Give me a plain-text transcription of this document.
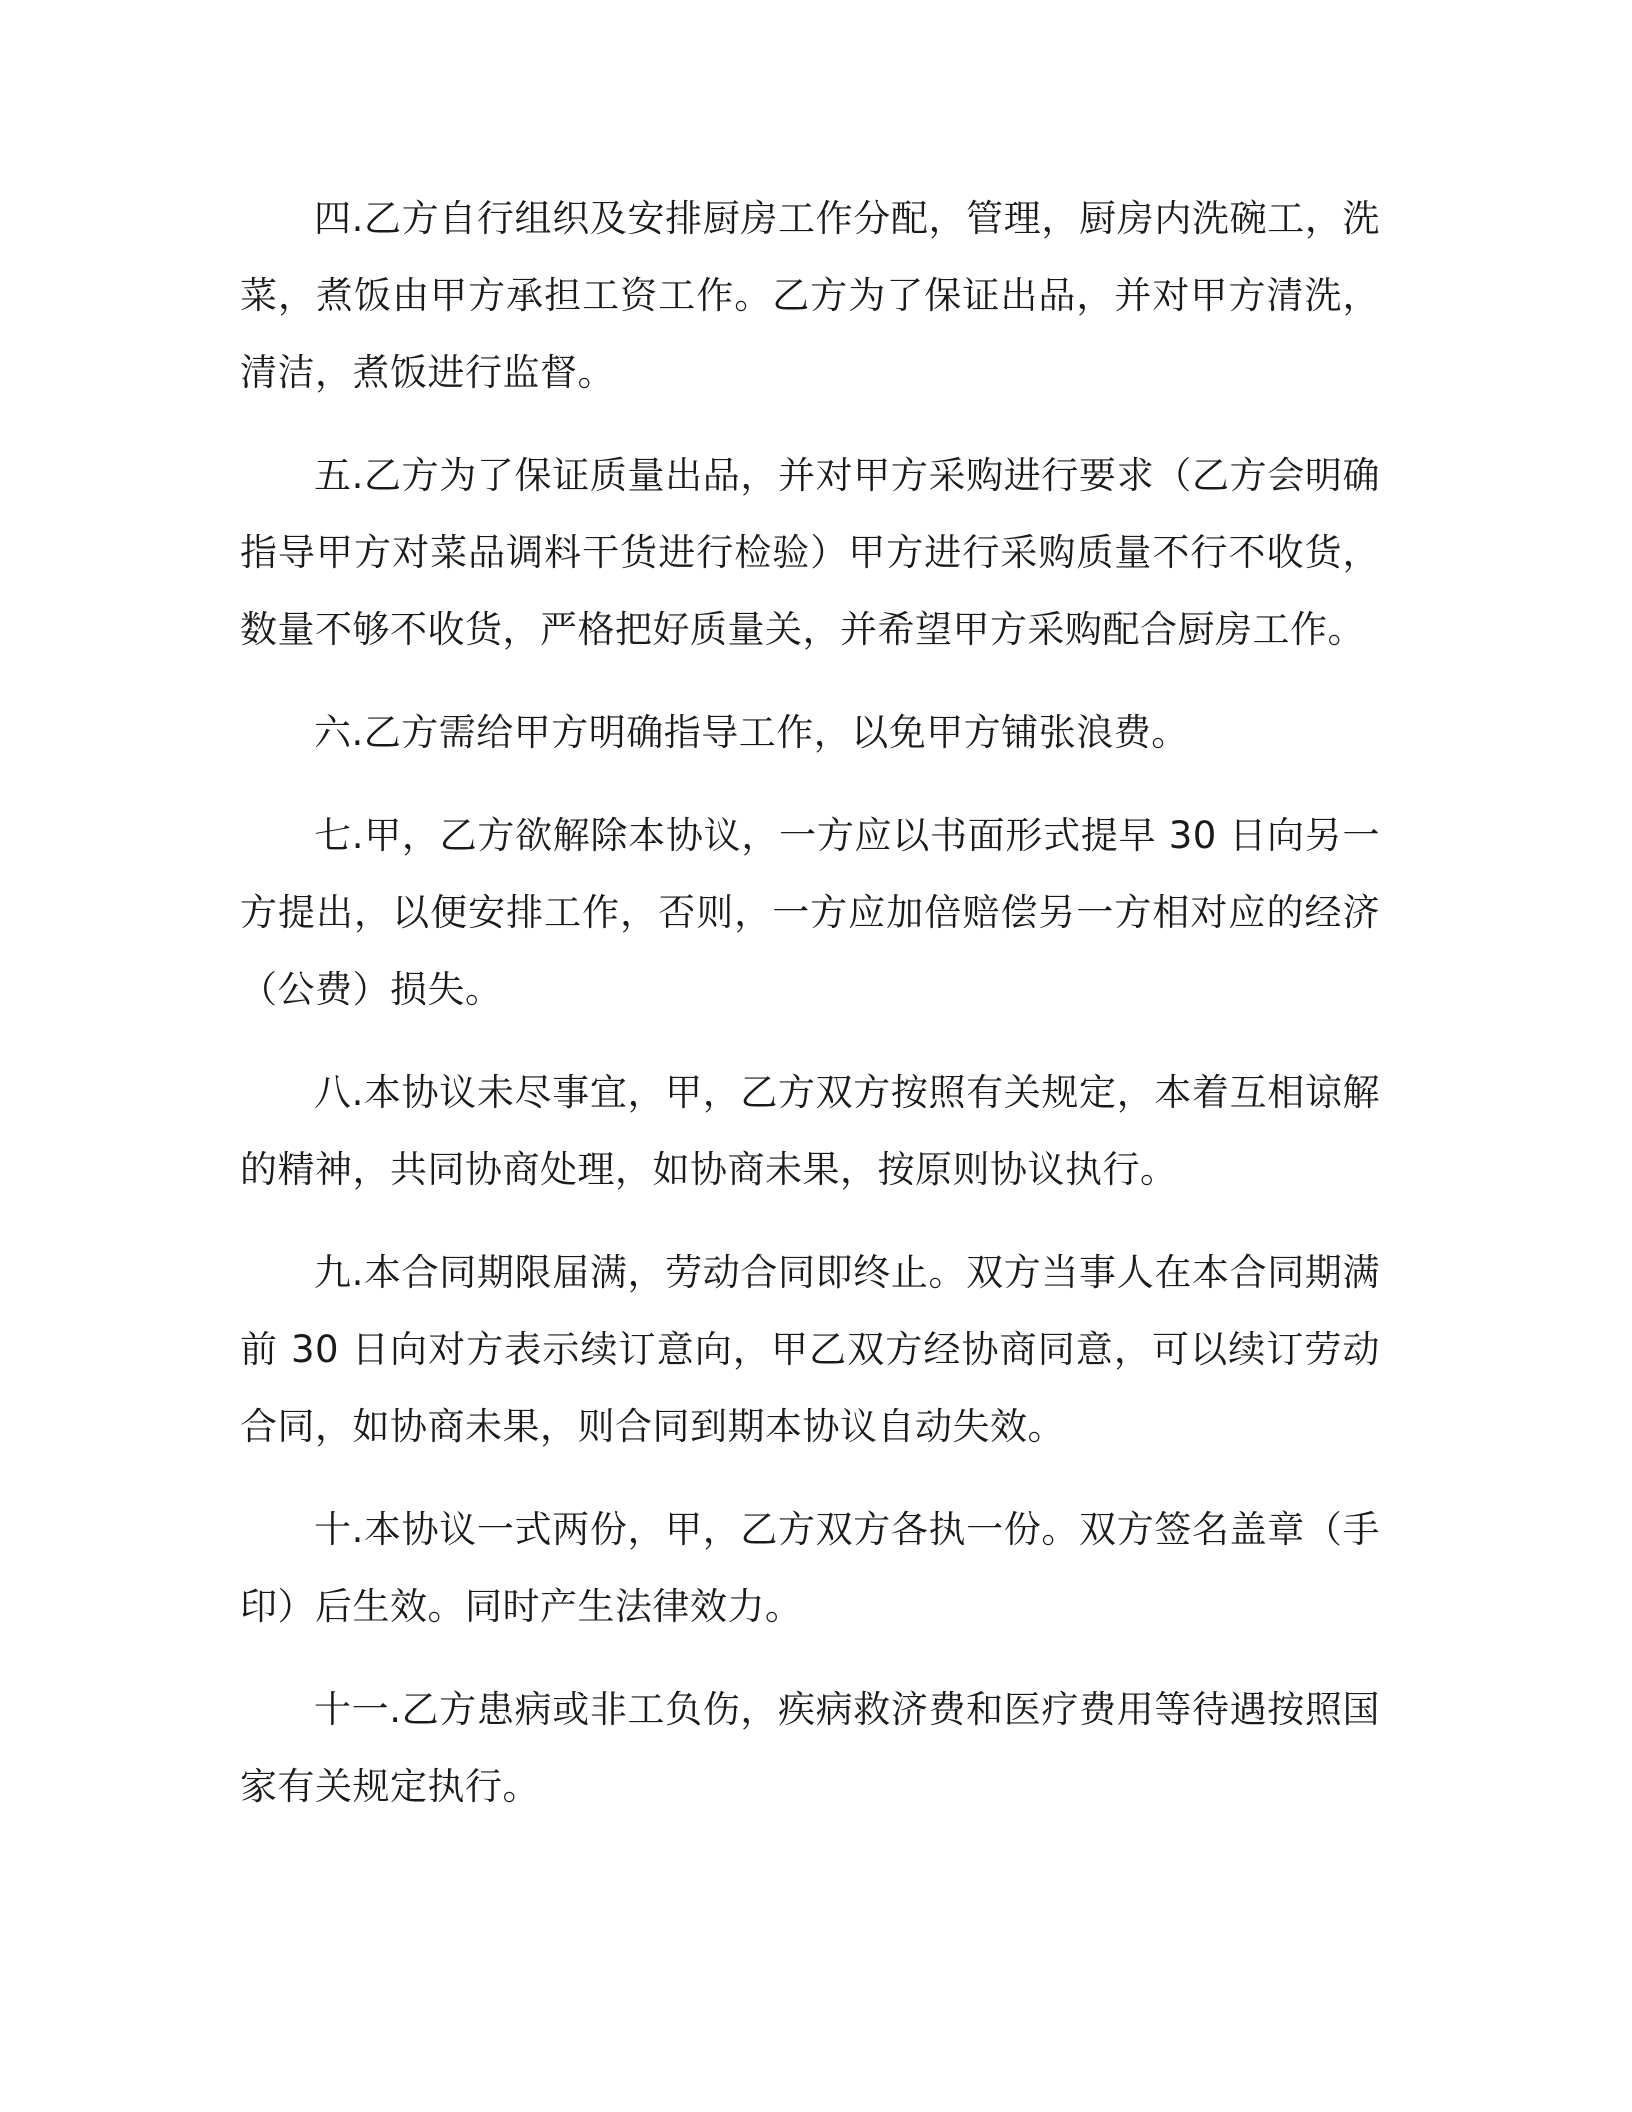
四.乙方自行组织及安排厨房工作分配，管理，厨房内洗碗工，洗菜，煮饭由甲方承担工资工作。乙方为了保证出品，并对甲方清洗，清洁，煮饭进行监督。

五.乙方为了保证质量出品，并对甲方采购进行要求（乙方会明确指导甲方对菜品调料干货进行检验）甲方进行采购质量不行不收货，数量不够不收货，严格把好质量关，并希望甲方采购配合厨房工作。

六.乙方需给甲方明确指导工作，以免甲方铺张浪费。

七.甲，乙方欲解除本协议，一方应以书面形式提早 30 日向另一方提出，以便安排工作，否则，一方应加倍赔偿另一方相对应的经济（公费）损失。

八.本协议未尽事宜，甲，乙方双方按照有关规定，本着互相谅解的精神，共同协商处理，如协商未果，按原则协议执行。

九.本合同期限届满，劳动合同即终止。双方当事人在本合同期满前 30 日向对方表示续订意向，甲乙双方经协商同意，可以续订劳动合同，如协商未果，则合同到期本协议自动失效。

十.本协议一式两份，甲，乙方双方各执一份。双方签名盖章（手印）后生效。同时产生法律效力。

十一.乙方患病或非工负伤，疾病救济费和医疗费用等待遇按照国家有关规定执行。
